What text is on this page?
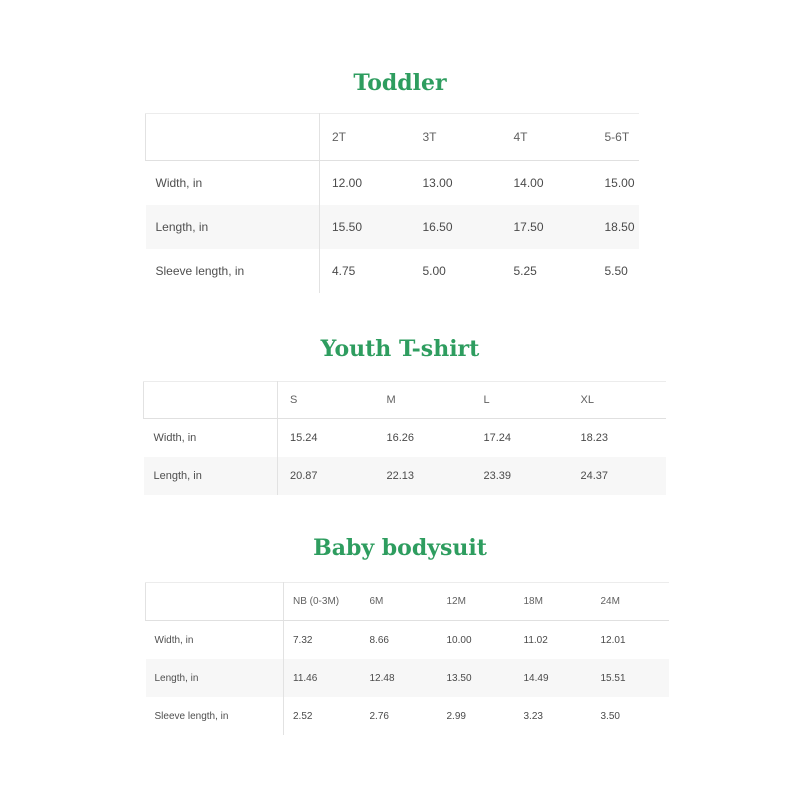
Toddler
	2T	3T	4T	5-6T
Width, in	12.00	13.00	14.00	15.00
Length, in	15.50	16.50	17.50	18.50
Sleeve length, in	4.75	5.00	5.25	5.50
Youth T-shirt
	S	M	L	XL
Width, in	15.24	16.26	17.24	18.23
Length, in	20.87	22.13	23.39	24.37
Baby bodysuit
	NB (0-3M)	6M	12M	18M	24M
Width, in	7.32	8.66	10.00	11.02	12.01
Length, in	11.46	12.48	13.50	14.49	15.51
Sleeve length, in	2.52	2.76	2.99	3.23	3.50
